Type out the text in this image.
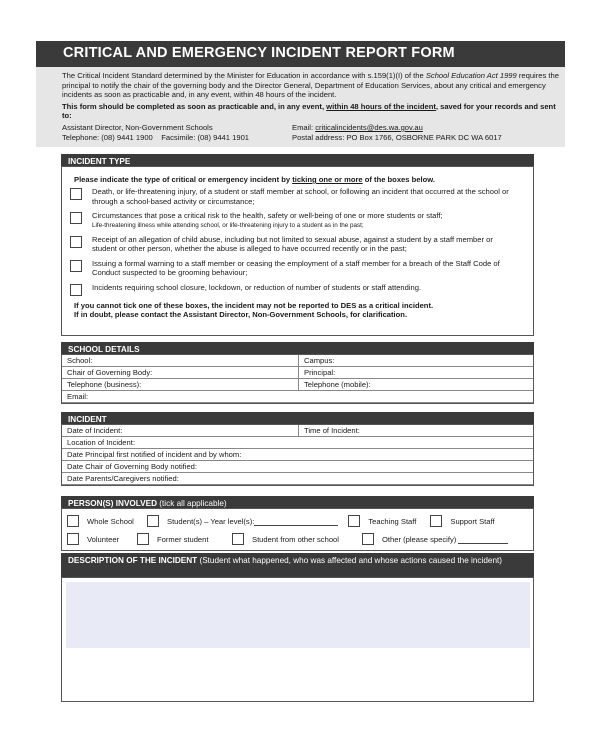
CRITICAL AND EMERGENCY INCIDENT REPORT FORM

The Critical Incident Standard determined by the Minister for Education in accordance with s.159(1)(I) of the School Education Act 1999 requires the principal to notify the chair of the governing body and the Director General, Department of Education Services, about any critical and emergency incidents as soon as practicable and, in any event, within 48 hours of the incident.

This form should be completed as soon as practicable and, in any event, within 48 hours of the incident, saved for your records and sent to:

Assistant Director, Non-Government Schools
Telephone: (08) 9441 1900    Facsimile: (08) 9441 1901
Email: criticalincidents@des.wa.gov.au
Postal address: PO Box 1766, OSBORNE PARK DC WA 6017
INCIDENT TYPE
Please indicate the type of critical or emergency incident by ticking one or more of the boxes below.
Death, or life-threatening injury, of a student or staff member at school, or following an incident that occurred at the school or through a school-based activity or circumstance;
Circumstances that pose a critical risk to the health, safety or well-being of one or more students or staff;
Life-threatening illness while attending school, or life-threatening injury to a student as in the past;
Receipt of an allegation of child abuse, including but not limited to sexual abuse, against a student by a staff member or student or other person, whether the abuse is alleged to have occurred recently or in the past;
Issuing a formal warning to a staff member or ceasing the employment of a staff member for a breach of the Staff Code of Conduct suspected to be grooming behaviour;
Incidents requiring school closure, lockdown, or reduction of number of students or staff attending.
If you cannot tick one of these boxes, the incident may not be reported to DES as a critical incident.
If in doubt, please contact the Assistant Director, Non-Government Schools, for clarification.
SCHOOL DETAILS
School:	Campus:
Chair of Governing Body:	Principal:
Telephone (business):	Telephone (mobile):
Email:
INCIDENT
Date of Incident:	Time of Incident:
Location of Incident:
Date Principal first notified of incident and by whom:
Date Chair of Governing Body notified:
Date Parents/Caregivers notified:
PERSON(S) INVOLVED (tick all applicable)
Whole School	Student(s) – Year level(s):	Teaching Staff	Support Staff
Volunteer	Former student	Student from other school	Other (please specify)
DESCRIPTION OF THE INCIDENT (Student what happened, who was affected and whose actions caused the incident)
